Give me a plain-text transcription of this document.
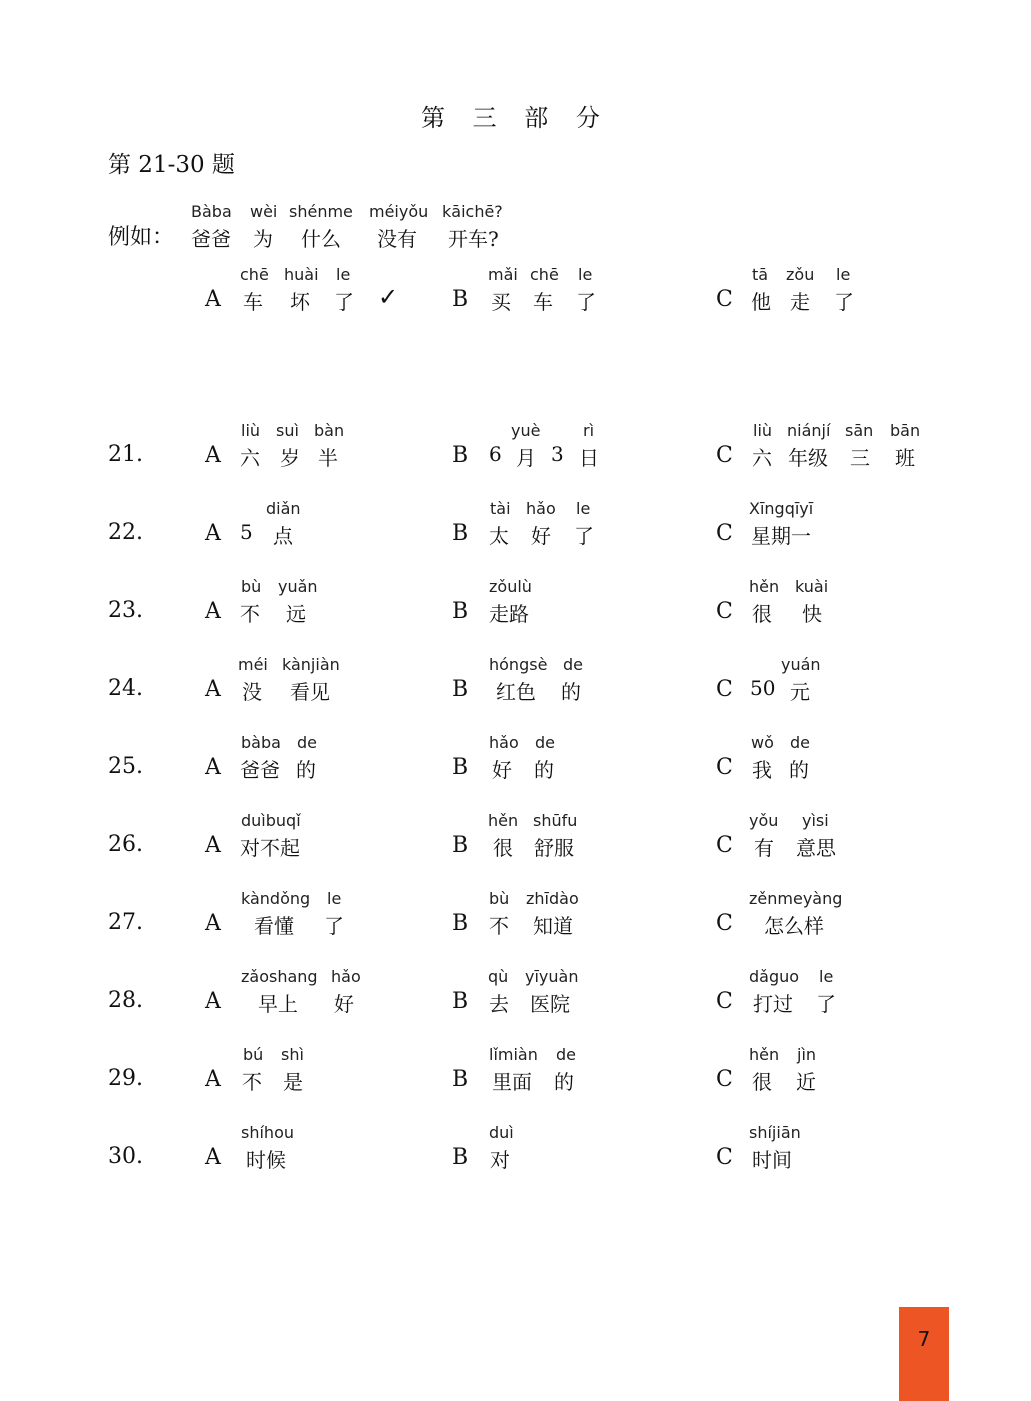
第 三 部 分
第 21-30 题
例如：
Bàba wèi shénme méiyǒu kāichē?
爸爸 为 什么 没有 开车?
A
chē huài le
车 坏 了 ✓ B
mǎi chē le
买 车 了	C
tā zǒu le
他 走 了
21.	A
liù suì bàn
六 岁 半	B
yuè	rì
6 月 3 日	C
liù niánjí sān bān
六 年级 三 班
22.	A
diǎn
5 点	B
tài hǎo le
太 好 了	C
Xīngqīyī
星期一
23.	A
bù yuǎn
不 远	B
zǒulù
走路	C
hěn kuài
很 快
24.	A
méi kànjiàn
没 看见	B
hóngsè de
红色 的	C
yuán
50 元
25.	A
bàba de
爸爸 的	B
hǎo de
好 的	C
wǒ de
我 的
26.	A
duìbuqǐ
对不起	B
hěn shūfu
很 舒服	C
yǒu yìsi
有 意思
27.	A
kàndǒng le
看懂 了	B
bù zhīdào
不 知道	C
zěnmeyàng
怎么样
28.	A
zǎoshang hǎo
早上 好	B
qù yīyuàn
去 医院	C
dǎguo le
打过 了
29.	A
bú shì
不 是	B
lǐmiàn de
里面 的	C
hěn jìn
很 近
30.	A
shíhou
时候	B
duì
对	C
shíjiān
时间
7
